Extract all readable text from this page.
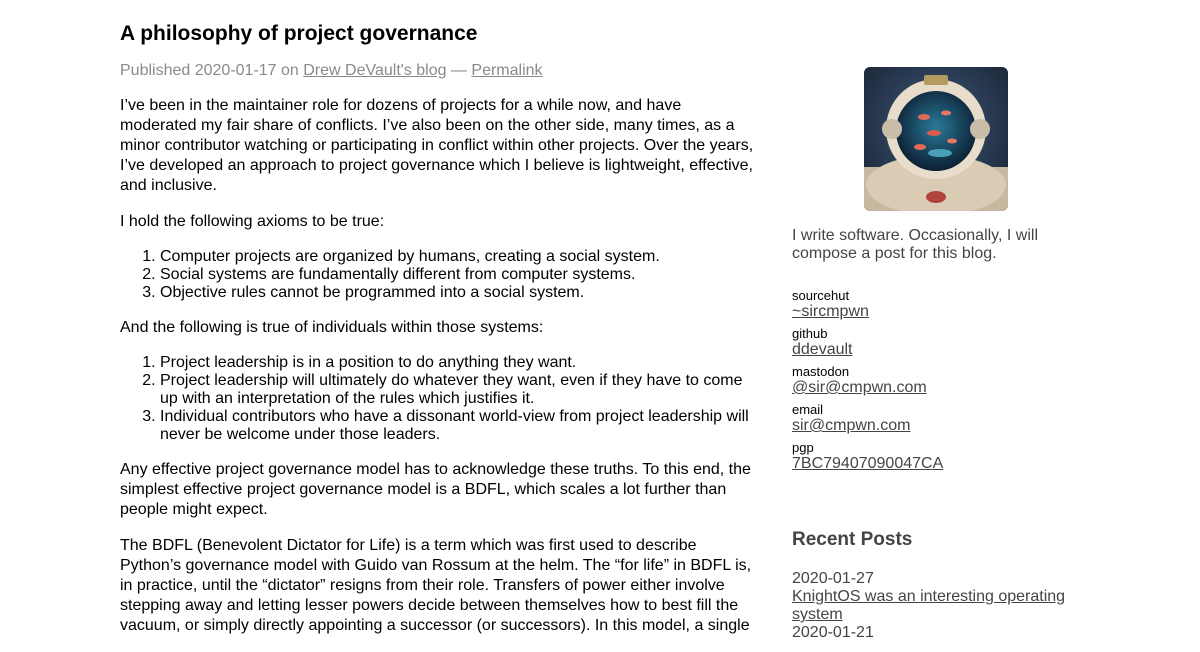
A philosophy of project governance
Published 2020-01-17 on Drew DeVault's blog — Permalink

I’ve been in the maintainer role for dozens of projects for a while now, and have moderated my fair share of conflicts. I’ve also been on the other side, many times, as a minor contributor watching or participating in conflict within other projects. Over the years, I’ve developed an approach to project governance which I believe is lightweight, effective, and inclusive.

I hold the following axioms to be true:

1. Computer projects are organized by humans, creating a social system.
2. Social systems are fundamentally different from computer systems.
3. Objective rules cannot be programmed into a social system.

And the following is true of individuals within those systems:

1. Project leadership is in a position to do anything they want.
2. Project leadership will ultimately do whatever they want, even if they have to come up with an interpretation of the rules which justifies it.
3. Individual contributors who have a dissonant world-view from project leadership will never be welcome under those leaders.

Any effective project governance model has to acknowledge these truths. To this end, the simplest effective project governance model is a BDFL, which scales a lot further than people might expect.

The BDFL (Benevolent Dictator for Life) is a term which was first used to describe Python’s governance model with Guido van Rossum at the helm. The “for life” in BDFL is, in practice, until the “dictator” resigns from their role. Transfers of power either involve stepping away and letting lesser powers decide between themselves how to best fill the vacuum, or simply directly appointing a successor (or successors). In this model, a single

I write software. Occasionally, I will compose a post for this blog.
sourcehut
~sircmpwn
github
ddevault
mastodon
@sir@cmpwn.com
email
sir@cmpwn.com
pgp
7BC79407090047CA
Recent Posts
2020-01-27
KnightOS was an interesting operating system
2020-01-21
